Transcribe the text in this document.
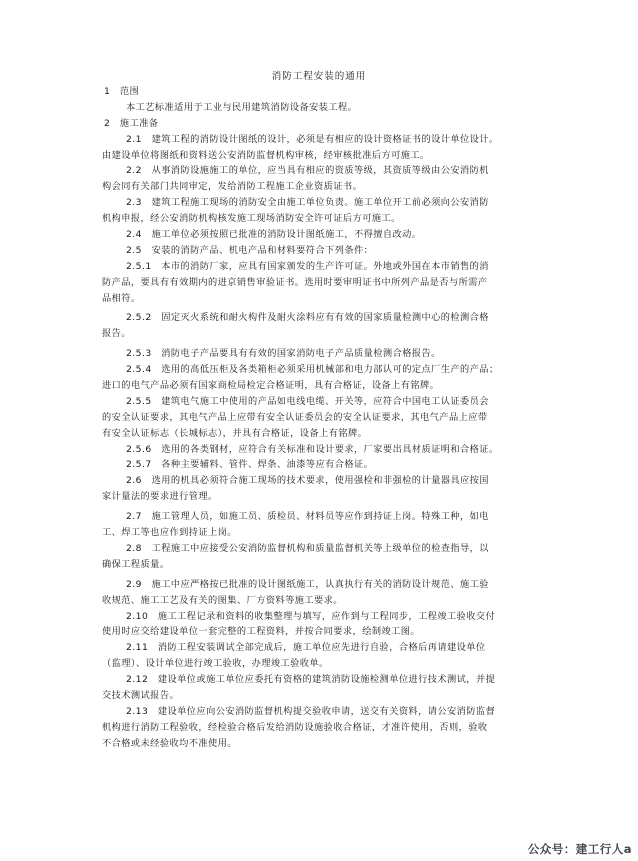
消防工程安装的通用
1　范围
本工艺标准适用于工业与民用建筑消防设备安装工程。
2　施工准备
2.1　建筑工程的消防设计图纸的设计，必须是有相应的设计资格证书的设计单位设计。
由建设单位将图纸和资料送公安消防监督机构审核，经审核批准后方可施工。
2.2　从事消防设施施工的单位，应当具有相应的资质等级，其资质等级由公安消防机
构会同有关部门共同审定，发给消防工程施工企业资质证书。
2.3　建筑工程施工现场的消防安全由施工单位负责。施工单位开工前必须向公安消防
机构申报，经公安消防机构核发施工现场消防安全许可证后方可施工。
2.4　施工单位必须按照已批准的消防设计图纸施工，不得擅自改动。
2.5　安装的消防产品、机电产品和材料要符合下列条件：
2.5.1　本市的消防厂家，应具有国家颁发的生产许可证。外地或外国在本市销售的消
防产品，要具有有效期内的进京销售审验证书。选用时要审明证书中所列产品是否与所需产
品相符。
2.5.2　固定灭火系统和耐火构件及耐火涂料应有有效的国家质量检测中心的检测合格
报告。
2.5.3　消防电子产品要具有有效的国家消防电子产品质量检测合格报告。
2.5.4　选用的高低压柜及各类箱柜必须采用机械部和电力部认可的定点厂生产的产品；
进口的电气产品必须有国家商检局检定合格证明，具有合格证，设备上有铭牌。
2.5.5　建筑电气施工中使用的产品如电线电缆、开关等，应符合中国电工认证委员会
的安全认证要求，其电气产品上应带有安全认证委员会的安全认证要求，其电气产品上应带
有安全认证标志（长城标志），并具有合格证，设备上有铭牌。
2.5.6　选用的各类钢材，应符合有关标准和设计要求，厂家要出具材质证明和合格证。
2.5.7　各种主要辅料、管件、焊条、油漆等应有合格证。
2.6　选用的机具必须符合施工现场的技术要求，使用强检和非强检的计量器具应按国
家计量法的要求进行管理。
2.7　施工管理人员，如施工员、质检员、材料员等应作到持证上岗。特殊工种，如电
工、焊工等也应作到持证上岗。
2.8　工程施工中应接受公安消防监督机构和质量监督机关等上级单位的检查指导，以
确保工程质量。
2.9　施工中应严格按已批准的设计图纸施工，认真执行有关的消防设计规范、施工验
收规范、施工工艺及有关的图集、厂方资料等施工要求。
2.10　施工工程记录和资料的收集整理与填写，应作到与工程同步，工程竣工验收交付
使用时应交给建设单位一套完整的工程资料，并按合同要求，绘制竣工图。
2.11　消防工程安装调试全部完成后，施工单位应先进行自验，合格后再请建设单位
（监理）、设计单位进行竣工验收，办理竣工验收单。
2.12　建设单位或施工单位应委托有资格的建筑消防设施检测单位进行技术测试，并提
交技术测试报告。
2.13　建设单位应向公安消防监督机构提交验收申请，送交有关资料，请公安消防监督
机构进行消防工程验收，经检验合格后发给消防设施验收合格证，才准许使用，否则，验收
不合格或未经验收均不准使用。
公众号：建工行人a
